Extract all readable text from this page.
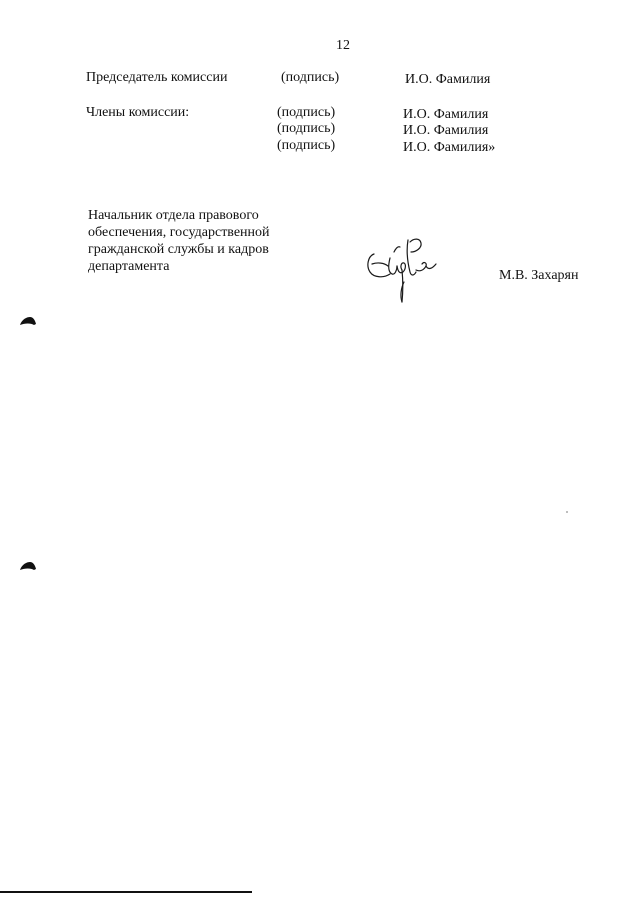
12
Председатель комиссии	(подпись)	И.О. Фамилия
Члены комиссии:	(подпись)	И.О. Фамилия
(подпись)	И.О. Фамилия
(подпись)	И.О. Фамилия»
Начальник отдела правового
обеспечения, государственной
гражданской службы и кадров
департамента
М.В. Захарян
